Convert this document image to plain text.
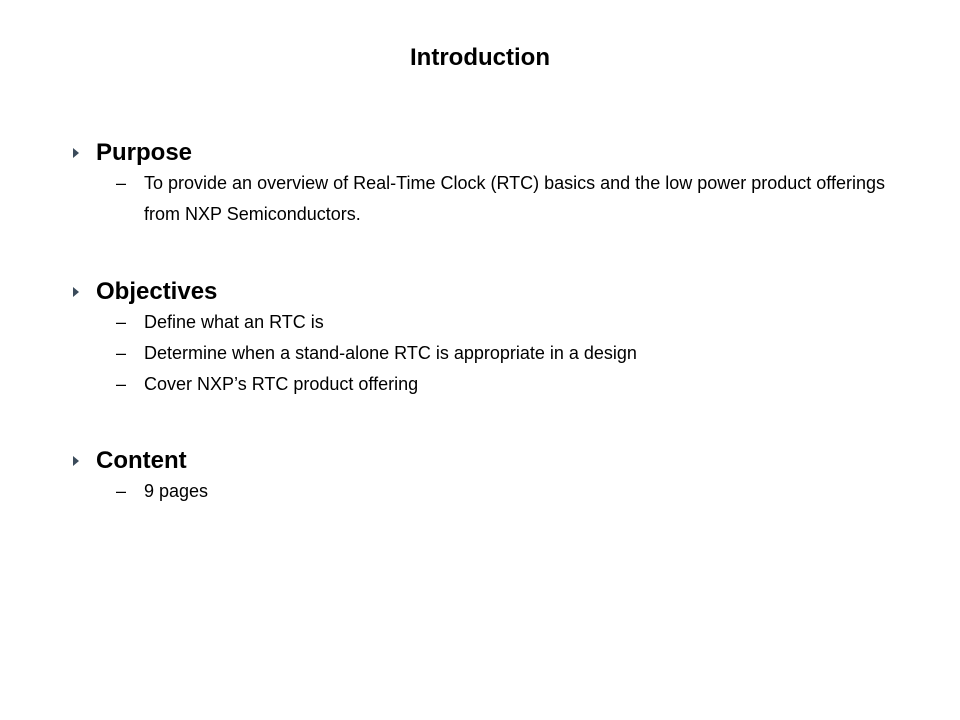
Introduction
Purpose
– To provide an overview of Real-Time Clock (RTC) basics and the low power product offerings from NXP Semiconductors.
Objectives
– Define what an RTC is
– Determine when a stand-alone RTC is appropriate in a design
– Cover NXP’s RTC product offering
Content
– 9 pages
